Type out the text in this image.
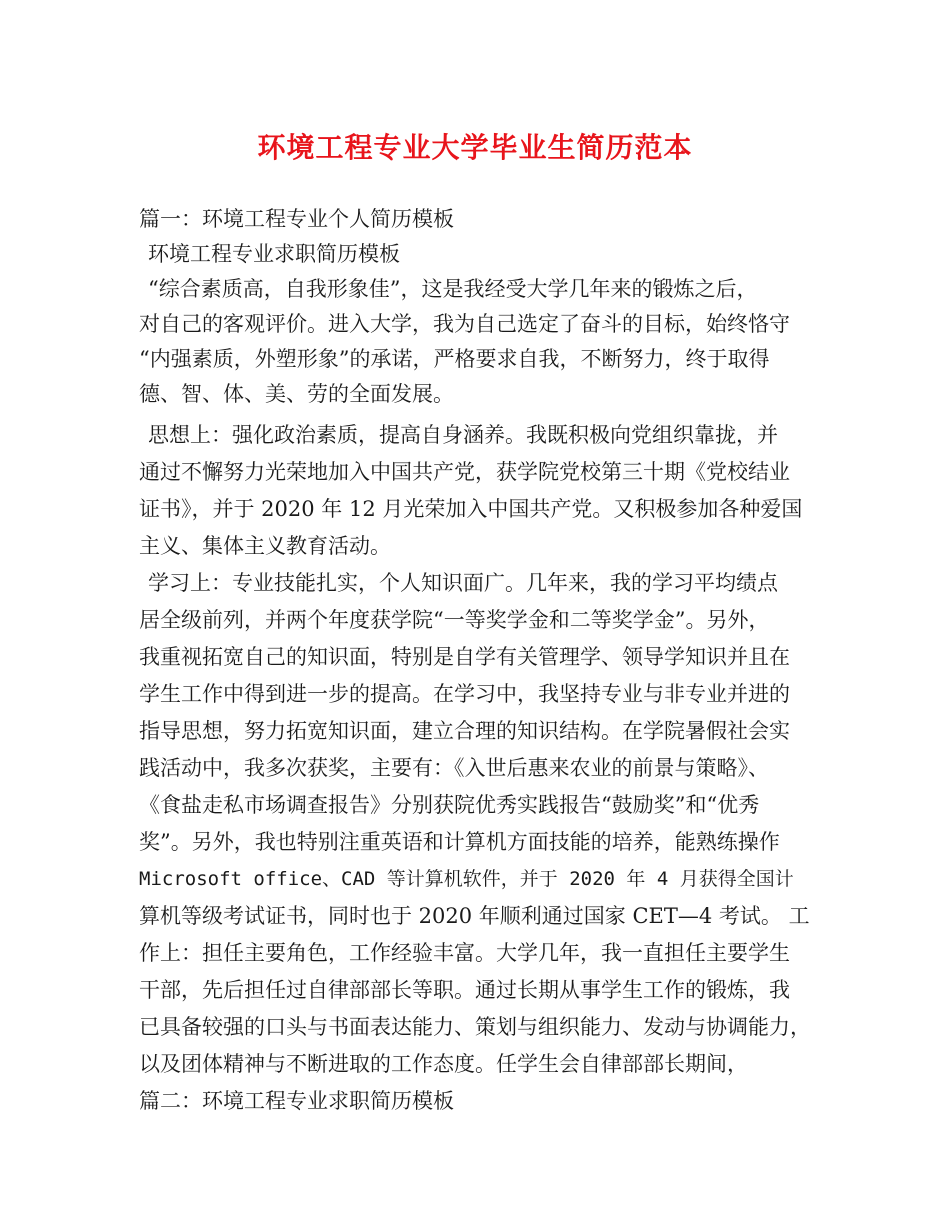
环境工程专业大学毕业生简历范本
篇一：环境工程专业个人简历模板
环境工程专业求职简历模板
“综合素质高，自我形象佳”，这是我经受大学几年来的锻炼之后，
对自己的客观评价。进入大学，我为自己选定了奋斗的目标，始终恪守
“内强素质，外塑形象”的承诺，严格要求自我，不断努力，终于取得
德、智、体、美、劳的全面发展。
思想上：强化政治素质，提高自身涵养。我既积极向党组织靠拢，并
通过不懈努力光荣地加入中国共产党，获学院党校第三十期《党校结业
证书》，并于 2020 年 12 月光荣加入中国共产党。又积极参加各种爱国
主义、集体主义教育活动。
学习上：专业技能扎实，个人知识面广。几年来，我的学习平均绩点
居全级前列，并两个年度获学院“一等奖学金和二等奖学金”。另外，
我重视拓宽自己的知识面，特别是自学有关管理学、领导学知识并且在
学生工作中得到进一步的提高。在学习中，我坚持专业与非专业并进的
指导思想，努力拓宽知识面，建立合理的知识结构。在学院暑假社会实
践活动中，我多次获奖，主要有：《入世后惠来农业的前景与策略》、
《食盐走私市场调查报告》分别获院优秀实践报告“鼓励奖”和“优秀
奖”。另外，我也特别注重英语和计算机方面技能的培养，能熟练操作
Microsoft office、CAD 等计算机软件，并于 2020 年 4 月获得全国计
算机等级考试证书，同时也于 2020 年顺利通过国家 CET—4 考试。 工
作上：担任主要角色，工作经验丰富。大学几年，我一直担任主要学生
干部，先后担任过自律部部长等职。通过长期从事学生工作的锻炼，我
已具备较强的口头与书面表达能力、策划与组织能力、发动与协调能力，
以及团体精神与不断进取的工作态度。任学生会自律部部长期间，
篇二：环境工程专业求职简历模板
